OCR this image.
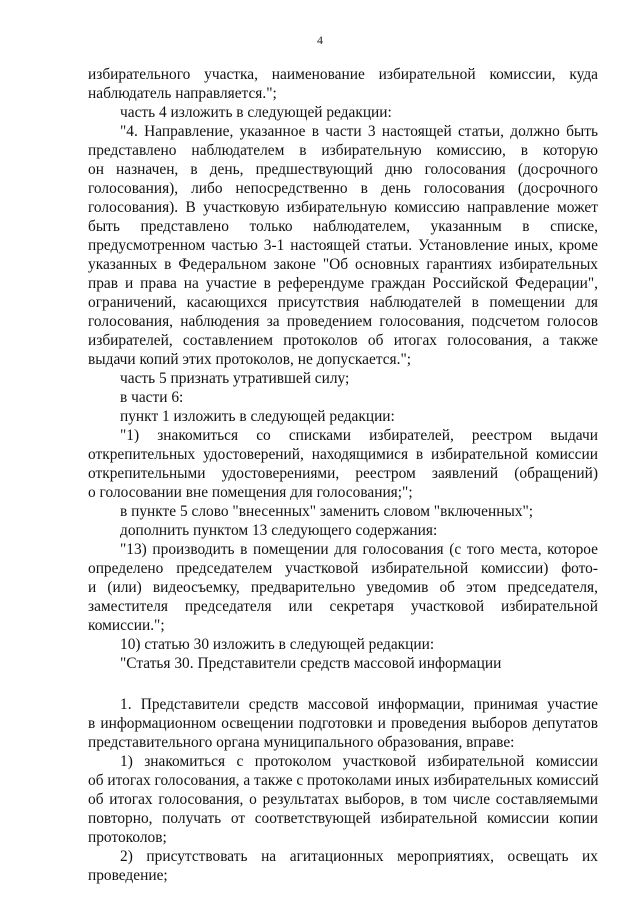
4
избирательного участка, наименование избирательной комиссии, куда
наблюдатель направляется.";
часть 4 изложить в следующей редакции:
"4. Направление, указанное в части 3 настоящей статьи, должно быть
представлено наблюдателем в избирательную комиссию, в которую
он назначен, в день, предшествующий дню голосования (досрочного
голосования), либо непосредственно в день голосования (досрочного
голосования). В участковую избирательную комиссию направление может
быть представлено только наблюдателем, указанным в списке,
предусмотренном частью 3-1 настоящей статьи. Установление иных, кроме
указанных в Федеральном законе "Об основных гарантиях избирательных
прав и права на участие в референдуме граждан Российской Федерации",
ограничений, касающихся присутствия наблюдателей в помещении для
голосования, наблюдения за проведением голосования, подсчетом голосов
избирателей, составлением протоколов об итогах голосования, а также
выдачи копий этих протоколов, не допускается.";
часть 5 признать утратившей силу;
в части 6:
пункт 1 изложить в следующей редакции:
"1) знакомиться со списками избирателей, реестром выдачи
открепительных удостоверений, находящимися в избирательной комиссии
открепительными удостоверениями, реестром заявлений (обращений)
о голосовании вне помещения для голосования;";
в пункте 5 слово "внесенных" заменить словом "включенных";
дополнить пунктом 13 следующего содержания:
"13) производить в помещении для голосования (с того места, которое
определено председателем участковой избирательной комиссии) фото-
и (или) видеосъемку, предварительно уведомив об этом председателя,
заместителя председателя или секретаря участковой избирательной
комиссии.";
10) статью 30 изложить в следующей редакции:
"Статья 30. Представители средств массовой информации
1. Представители средств массовой информации, принимая участие
в информационном освещении подготовки и проведения выборов депутатов
представительного органа муниципального образования, вправе:
1) знакомиться с протоколом участковой избирательной комиссии
об итогах голосования, а также с протоколами иных избирательных комиссий
об итогах голосования, о результатах выборов, в том числе составляемыми
повторно, получать от соответствующей избирательной комиссии копии
протоколов;
2) присутствовать на агитационных мероприятиях, освещать их
проведение;
